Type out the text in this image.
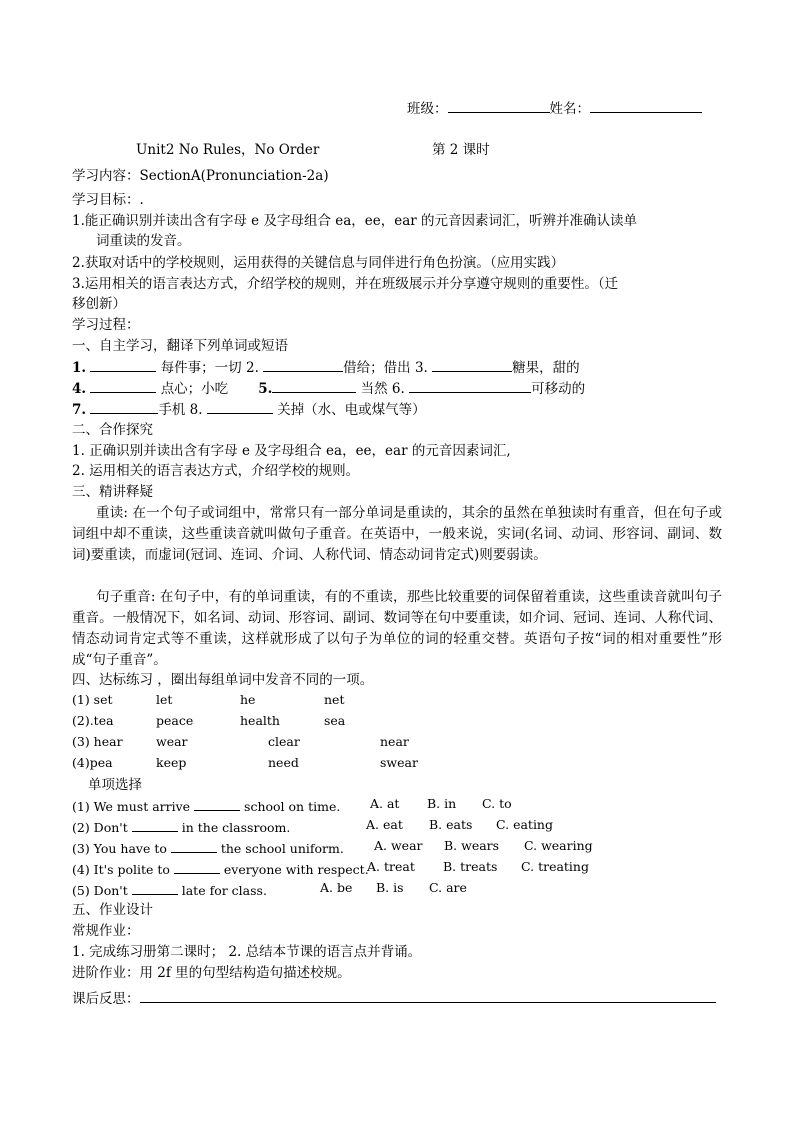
班级：	姓名：
Unit2 No Rules，No Order	第 2 课时
学习内容：SectionA(Pronunciation-2a)
学习目标：.
1.能正确识别并读出含有字母 e 及字母组合 ea，ee，ear 的元音因素词汇，听辨并准确认读单
词重读的发音。
2.获取对话中的学校规则，运用获得的关键信息与同伴进行角色扮演。（应用实践）
3.运用相关的语言表达方式，介绍学校的规则，并在班级展示并分享遵守规则的重要性。（迁
移创新）
学习过程：
一、自主学习，翻译下列单词或短语
1.	每件事；一切 2.	借给；借出 3.	糖果，甜的
4.	点心；小吃 5.	当然 6.	可移动的
7.	手机 8.	关掉（水、电或煤气等）
二、合作探究
1. 正确识别并读出含有字母 e 及字母组合 ea，ee，ear 的元音因素词汇,
2. 运用相关的语言表达方式，介绍学校的规则。
三、精讲释疑
重读: 在一个句子或词组中，常常只有一部分单词是重读的，其余的虽然在单独读时有重音，但在句子或词组中却不重读，这些重读音就叫做句子重音。在英语中，一般来说，实词(名词、动词、形容词、副词、数词)要重读，而虚词(冠词、连词、介词、人称代词、情态动词肯定式)则要弱读。
句子重音: 在句子中，有的单词重读，有的不重读，那些比较重要的词保留着重读，这些重读音就叫句子重音。一般情况下，如名词、动词、形容词、副词、数词等在句中要重读，如介词、冠词、连词、人称代词、情态动词肯定式等不重读，这样就形成了以句子为单位的词的轻重交替。英语句子按“词的相对重要性”形成“句子重音”。
四、达标练习 ，圈出每组单词中发音不同的一项。
(1) set	let	he	net
(2).tea	peace	health	sea
(3) hear	wear	clear	near
(4)pea	keep	need	swear
单项选择
(1) We must arrive	school on time. A. at B. in C. to
(2) Don't	in the classroom.	A. eat B. eats C. eating
(3) You have to	the school uniform. A. wear B. wears C. wearing
(4) It's polite to	everyone with respect.
A. treat B. treats C. treating
(5) Don't	late for class.	A. be B. is C. are
五、作业设计
常规作业：
1. 完成练习册第二课时； 2. 总结本节课的语言点并背诵。
进阶作业：用 2f 里的句型结构造句描述校规。
课后反思：
